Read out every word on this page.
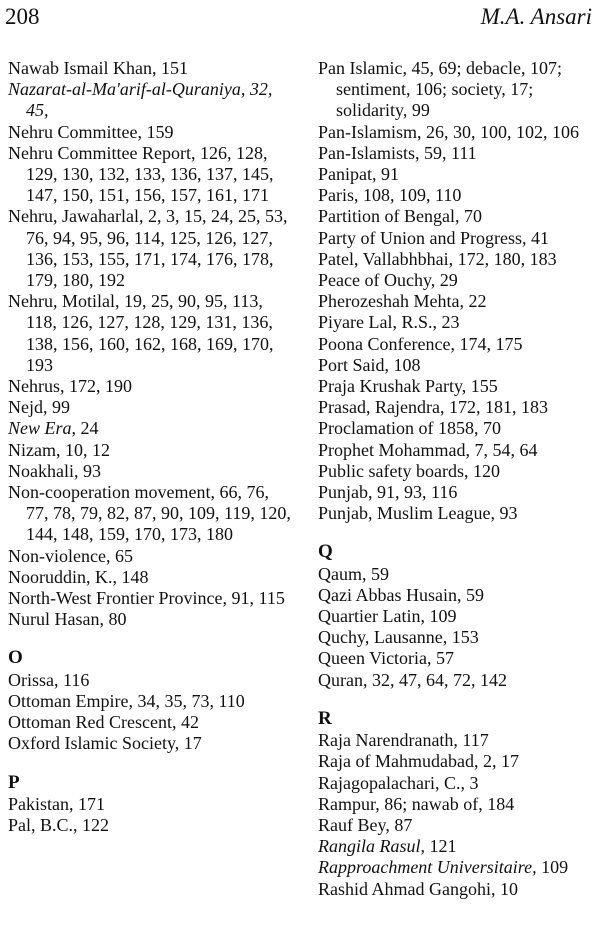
208	M.A. Ansari
Nawab Ismail Khan, 151
Nazarat-al-Ma'arif-al-Quraniya, 32, 45,
Nehru Committee, 159
Nehru Committee Report, 126, 128, 129, 130, 132, 133, 136, 137, 145, 147, 150, 151, 156, 157, 161, 171
Nehru, Jawaharlal, 2, 3, 15, 24, 25, 53, 76, 94, 95, 96, 114, 125, 126, 127, 136, 153, 155, 171, 174, 176, 178, 179, 180, 192
Nehru, Motilal, 19, 25, 90, 95, 113, 118, 126, 127, 128, 129, 131, 136, 138, 156, 160, 162, 168, 169, 170, 193
Nehrus, 172, 190
Nejd, 99
New Era, 24
Nizam, 10, 12
Noakhali, 93
Non-cooperation movement, 66, 76, 77, 78, 79, 82, 87, 90, 109, 119, 120, 144, 148, 159, 170, 173, 180
Non-violence, 65
Nooruddin, K., 148
North-West Frontier Province, 91, 115
Nurul Hasan, 80
O
Orissa, 116
Ottoman Empire, 34, 35, 73, 110
Ottoman Red Crescent, 42
Oxford Islamic Society, 17
P
Pakistan, 171
Pal, B.C., 122
Pan Islamic, 45, 69; debacle, 107; sentiment, 106; society, 17; solidarity, 99
Pan-Islamism, 26, 30, 100, 102, 106
Pan-Islamists, 59, 111
Panipat, 91
Paris, 108, 109, 110
Partition of Bengal, 70
Party of Union and Progress, 41
Patel, Vallabhbhai, 172, 180, 183
Peace of Ouchy, 29
Pherozeshah Mehta, 22
Piyare Lal, R.S., 23
Poona Conference, 174, 175
Port Said, 108
Praja Krushak Party, 155
Prasad, Rajendra, 172, 181, 183
Proclamation of 1858, 70
Prophet Mohammad, 7, 54, 64
Public safety boards, 120
Punjab, 91, 93, 116
Punjab, Muslim League, 93
Q
Qaum, 59
Qazi Abbas Husain, 59
Quartier Latin, 109
Quchy, Lausanne, 153
Queen Victoria, 57
Quran, 32, 47, 64, 72, 142
R
Raja Narendranath, 117
Raja of Mahmudabad, 2, 17
Rajagopalachari, C., 3
Rampur, 86; nawab of, 184
Rauf Bey, 87
Rangila Rasul, 121
Rapproachment Universitaire, 109
Rashid Ahmad Gangohi, 10
